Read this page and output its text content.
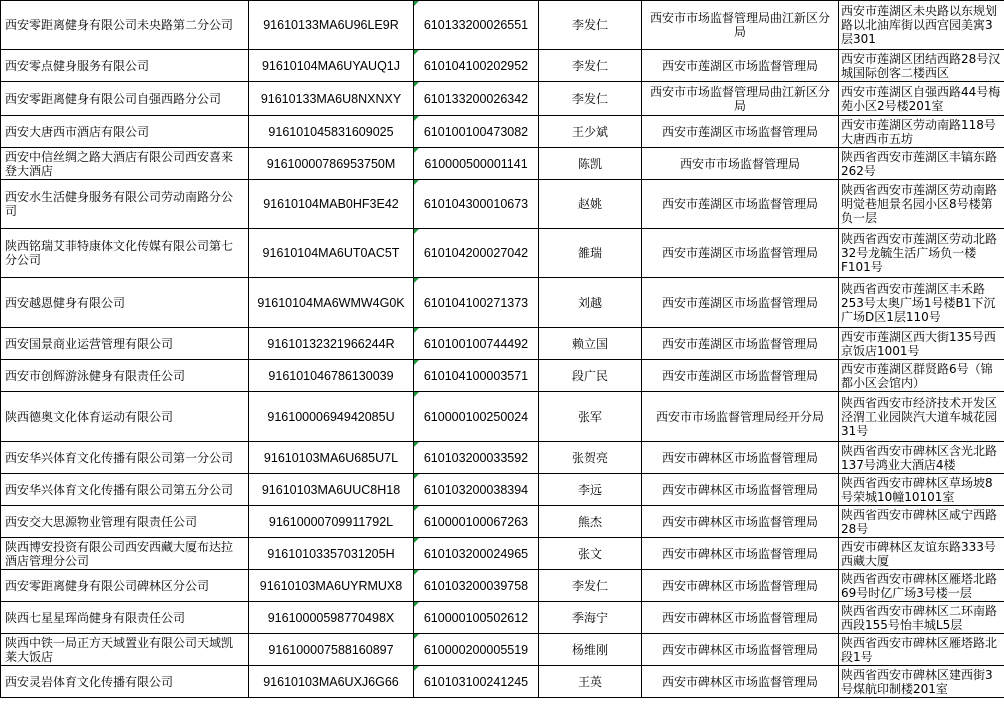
西安零距离健身有限公司未央路第二分公司	91610133MA6U96LE9R	610133200026551	李发仁	西安市市场监督管理局曲江新区分局	西安市莲湖区未央路以东规划路以北油库街以西宫园美寓3层301
西安零点健身服务有限公司	91610104MA6UYAUQ1J	610104100202952	李发仁	西安市莲湖区市场监督管理局	西安市莲湖区团结西路28号汉城国际创客二楼西区
西安零距离健身有限公司自强西路分公司	91610133MA6U8NXNXY	610133200026342	李发仁	西安市市场监督管理局曲江新区分局	西安市莲湖区自强西路44号梅苑小区2号楼201室
西安大唐西市酒店有限公司	916101045831609025	610100100473082	王少斌	西安市莲湖区市场监督管理局	西安市莲湖区劳动南路118号大唐西市五坊
西安中信丝绸之路大酒店有限公司西安喜来登大酒店	91610000786953750M	610000500001141	陈凯	西安市市场监督管理局	陕西省西安市莲湖区丰镐东路262号
西安水生活健身服务有限公司劳动南路分公司	91610104MAB0HF3E42	610104300010673	赵姚	西安市莲湖区市场监督管理局	陕西省西安市莲湖区劳动南路明觉巷旭景名园小区8号楼第负一层
陕西铭瑞艾菲特康体文化传媒有限公司第七分公司	91610104MA6UT0AC5T	610104200027042	雒瑞	西安市莲湖区市场监督管理局	陕西省西安市莲湖区劳动北路32号龙毓生活广场负一楼F101号
西安越恩健身有限公司	91610104MA6WMW4G0K	610104100271373	刘越	西安市莲湖区市场监督管理局	陕西省西安市莲湖区丰禾路253号太奥广场1号楼B1下沉广场D区1层110号
西安国景商业运营管理有限公司	91610132321966244R	610100100744492	赖立国	西安市莲湖区市场监督管理局	西安市莲湖区西大街135号西京饭店1001号
西安市创辉游泳健身有限责任公司	916101046786130039	610104100003571	段广民	西安市莲湖区市场监督管理局	西安市莲湖区群贤路6号（锦都小区会馆内）
陕西德奥文化体育运动有限公司	91610000694942085U	610000100250024	张军	西安市市场监督管理局经开分局	陕西省西安市经济技术开发区泾渭工业园陕汽大道车城花园31号
西安华兴体育文化传播有限公司第一分公司	91610103MA6U685U7L	610103200033592	张贺亮	西安市碑林区市场监督管理局	陕西省西安市碑林区含光北路137号鸿业大酒店4楼
西安华兴体育文化传播有限公司第五分公司	91610103MA6UUC8H18	610103200038394	李远	西安市碑林区市场监督管理局	陕西省西安市碑林区草场坡8号荣城10幢10101室
西安交大思源物业管理有限责任公司	91610000709911792L	610000100067263	熊杰	西安市碑林区市场监督管理局	陕西省西安市碑林区咸宁西路28号
陕西博安投资有限公司西安西藏大厦布达拉酒店管理分公司	91610103357031205H	610103200024965	张文	西安市碑林区市场监督管理局	西安市碑林区友谊东路333号西藏大厦
西安零距离健身有限公司碑林区分公司	91610103MA6UYRMUX8	610103200039758	李发仁	西安市碑林区市场监督管理局	陕西省西安市碑林区雁塔北路69号时亿广场3号楼一层
陕西七星星珲尚健身有限责任公司	91610000598770498X	610000100502612	季海宁	西安市碑林区市场监督管理局	陕西省西安市碑林区二环南路西段155号怡丰城L5层
陕西中铁一局正方天域置业有限公司天域凯莱大饭店	916100007588160897	610000200005519	杨维刚	西安市碑林区市场监督管理局	陕西省西安市碑林区雁塔路北段1号
西安灵岩体育文化传播有限公司	91610103MA6UXJ6G66	610103100241245	王英	西安市碑林区市场监督管理局	陕西省西安市碑林区建西街3号煤航印制楼201室
